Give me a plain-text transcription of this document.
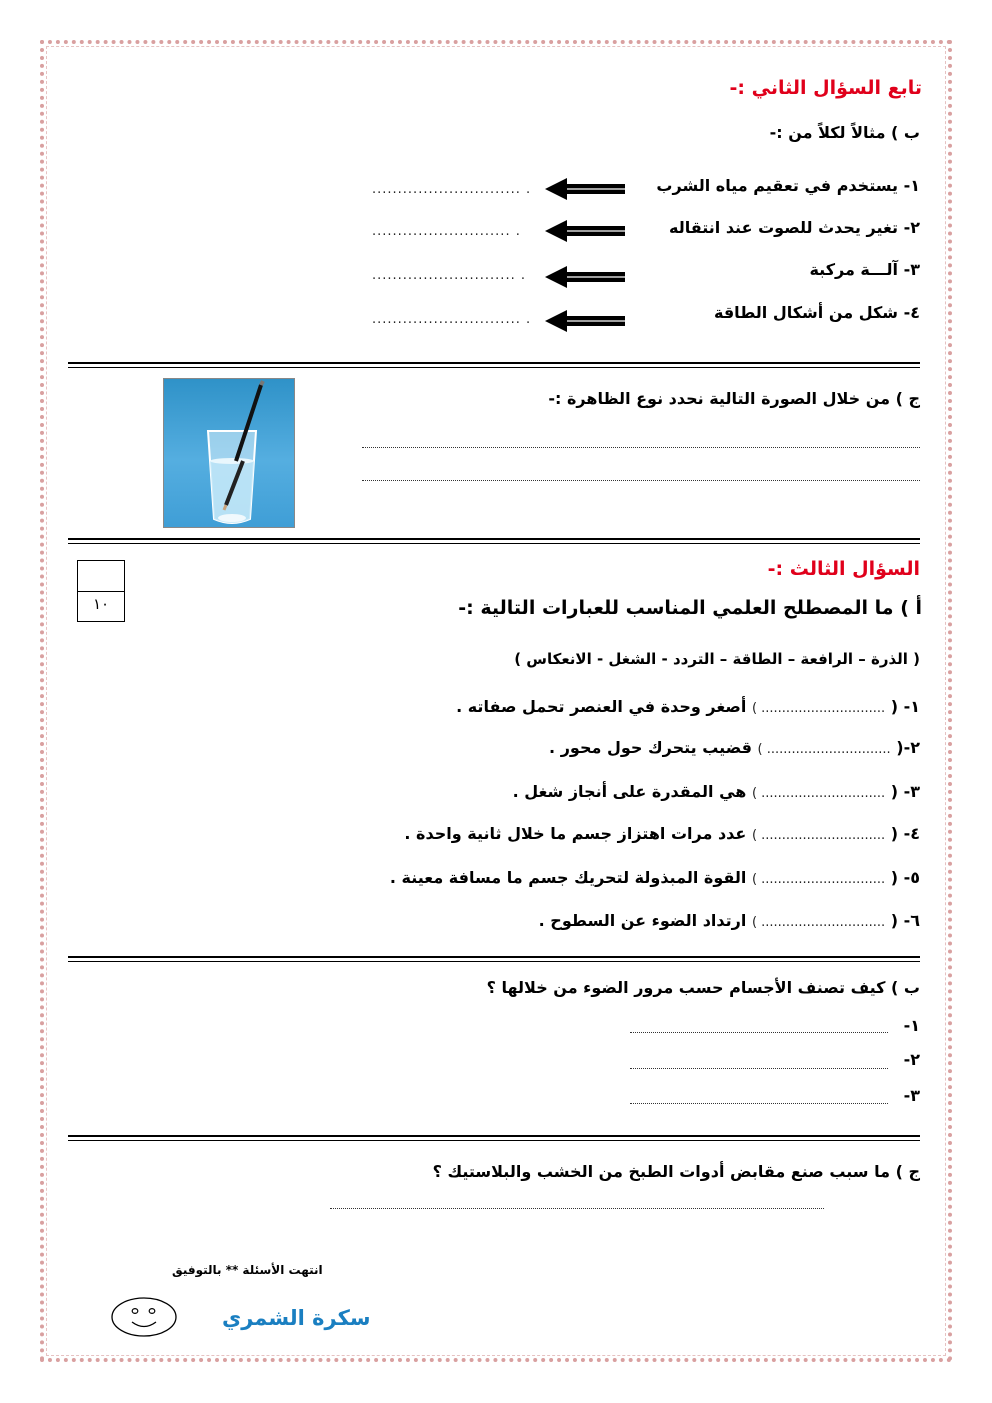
تابع السؤال الثاني :-
ب ) مثالاً لكلاً من :-
١- يستخدم في تعقيم مياه الشرب
٢- تغير يحدث للصوت عند انتقاله
٣- آلـــة مركبة
٤- شكل من أشكال الطاقة
............................. .
........................... .
............................ .
............................. .
ج ) من خلال الصورة التالية نحدد نوع الظاهرة :-
السؤال الثالث :-
١٠	أ ) ما المصطلح العلمي المناسب للعبارات التالية :-
( الذرة – الرافعة – الطاقة – التردد - الشغل - الانعكاس )
١- ( .............................. ) أصغر وحدة في العنصر تحمل صفاته .
٢-( .............................. ) قضيب يتحرك حول محور .
٣- ( .............................. ) هي المقدرة على أنجاز شغل .
٤- ( .............................. ) عدد مرات اهتزاز جسم ما خلال ثانية واحدة .
٥- ( .............................. ) القوة المبذولة لتحريك جسم ما مسافة معينة .
٦- ( .............................. ) ارتداد الضوء عن السطوح .
ب ) كيف تصنف الأجسام حسب مرور الضوء من خلالها ؟
١-
٢-
٣-
ج ) ما سبب صنع مقابض أدوات الطبخ من الخشب والبلاستيك ؟
انتهت الأسئلة ** بالتوفيق
سكرة الشمري
